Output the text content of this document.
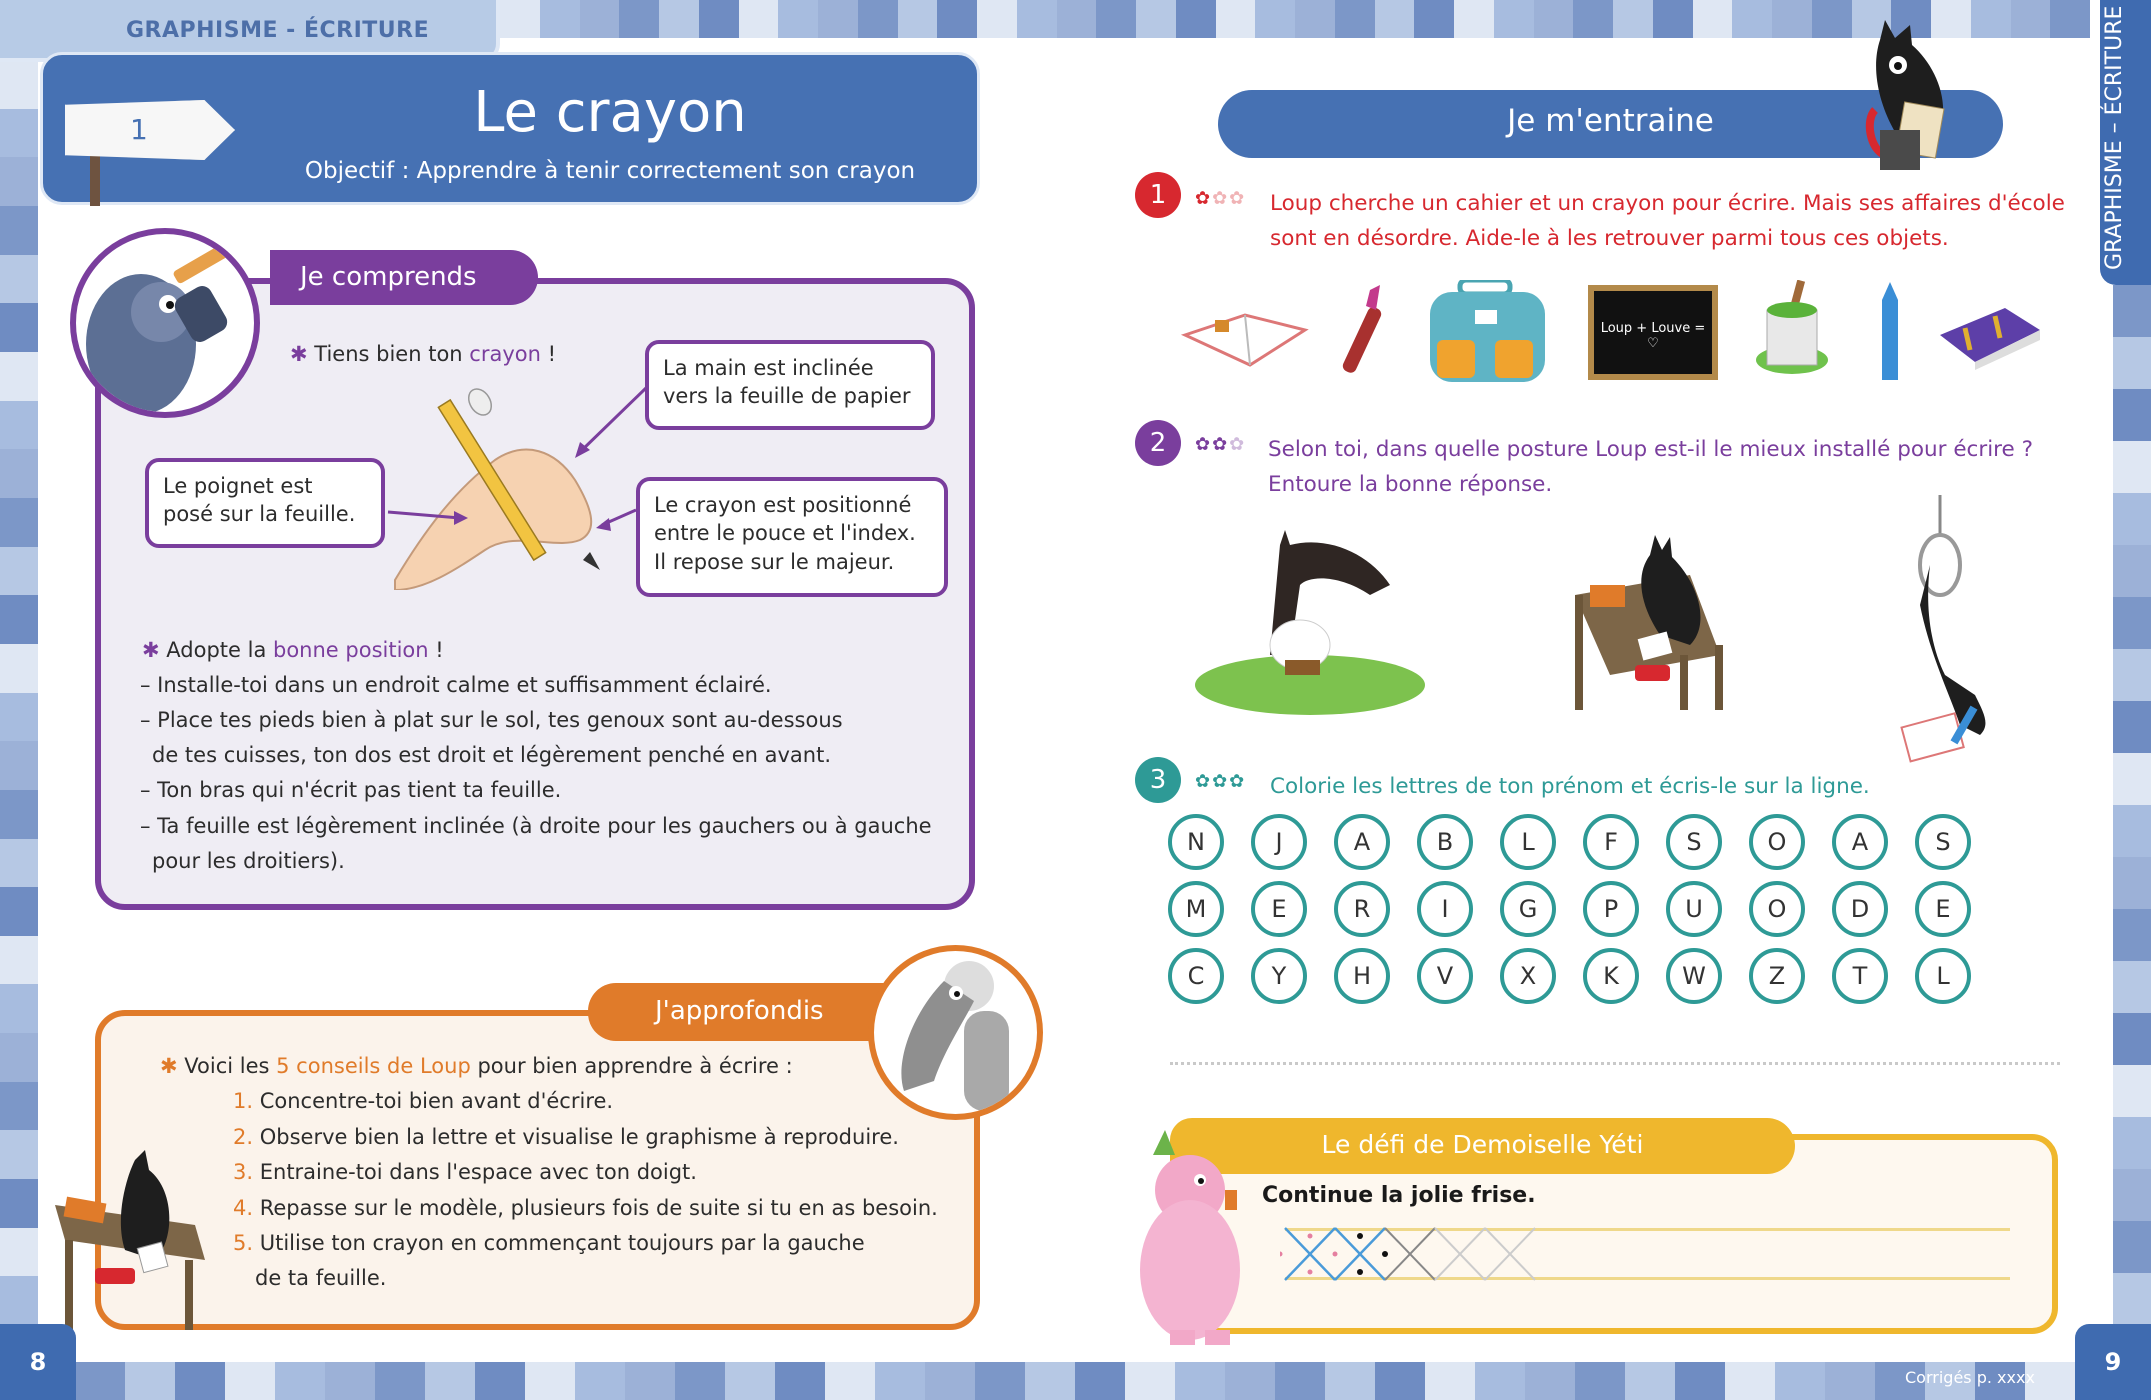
GRAPHISME - ÉCRITURE
1	Le crayon
Objectif : Apprendre à tenir correctement son crayon
Je comprends
✱ Tiens bien ton crayon !
La main est inclinée vers la feuille de papier
Le poignet est posé sur la feuille.	Le crayon est positionné entre le pouce et l'index. Il repose sur le majeur.
✱ Adopte la bonne position !
– Installe-toi dans un endroit calme et suffisamment éclairé.
– Place tes pieds bien à plat sur le sol, tes genoux sont au-dessous
de tes cuisses, ton dos est droit et légèrement penché en avant.
– Ton bras qui n'écrit pas tient ta feuille.
– Ta feuille est légèrement inclinée (à droite pour les gauchers ou à gauche
pour les droitiers).
J'approfondis
✱ Voici les 5 conseils de Loup pour bien apprendre à écrire :
1. Concentre-toi bien avant d'écrire.
2. Observe bien la lettre et visualise le graphisme à reproduire.
3. Entraine-toi dans l'espace avec ton doigt.
4. Repasse sur le modèle, plusieurs fois de suite si tu en as besoin.
5. Utilise ton crayon en commençant toujours par la gauche
de ta feuille.
8	9
Corrigés p. xxxx
GRAPHISME – ÉCRITURE
Je m'entraine
1	✿✿✿ Loup cherche un cahier et un crayon pour écrire. Mais ses affaires d'école
sont en désordre. Aide-le à les retrouver parmi tous ces objets.
Loup + Louve = ♡
2	✿✿✿ Selon toi, dans quelle posture Loup est-il le mieux installé pour écrire ?
Entoure la bonne réponse.
3	✿✿✿ Colorie les lettres de ton prénom et écris-le sur la ligne.
N	J	A	B	L	F	S	O	A	S
M	E	R	I	G	P	U	O	D	E
C	Y	H	V	X	K	W	Z	T	L
Le défi de Demoiselle Yéti
Continue la jolie frise.
